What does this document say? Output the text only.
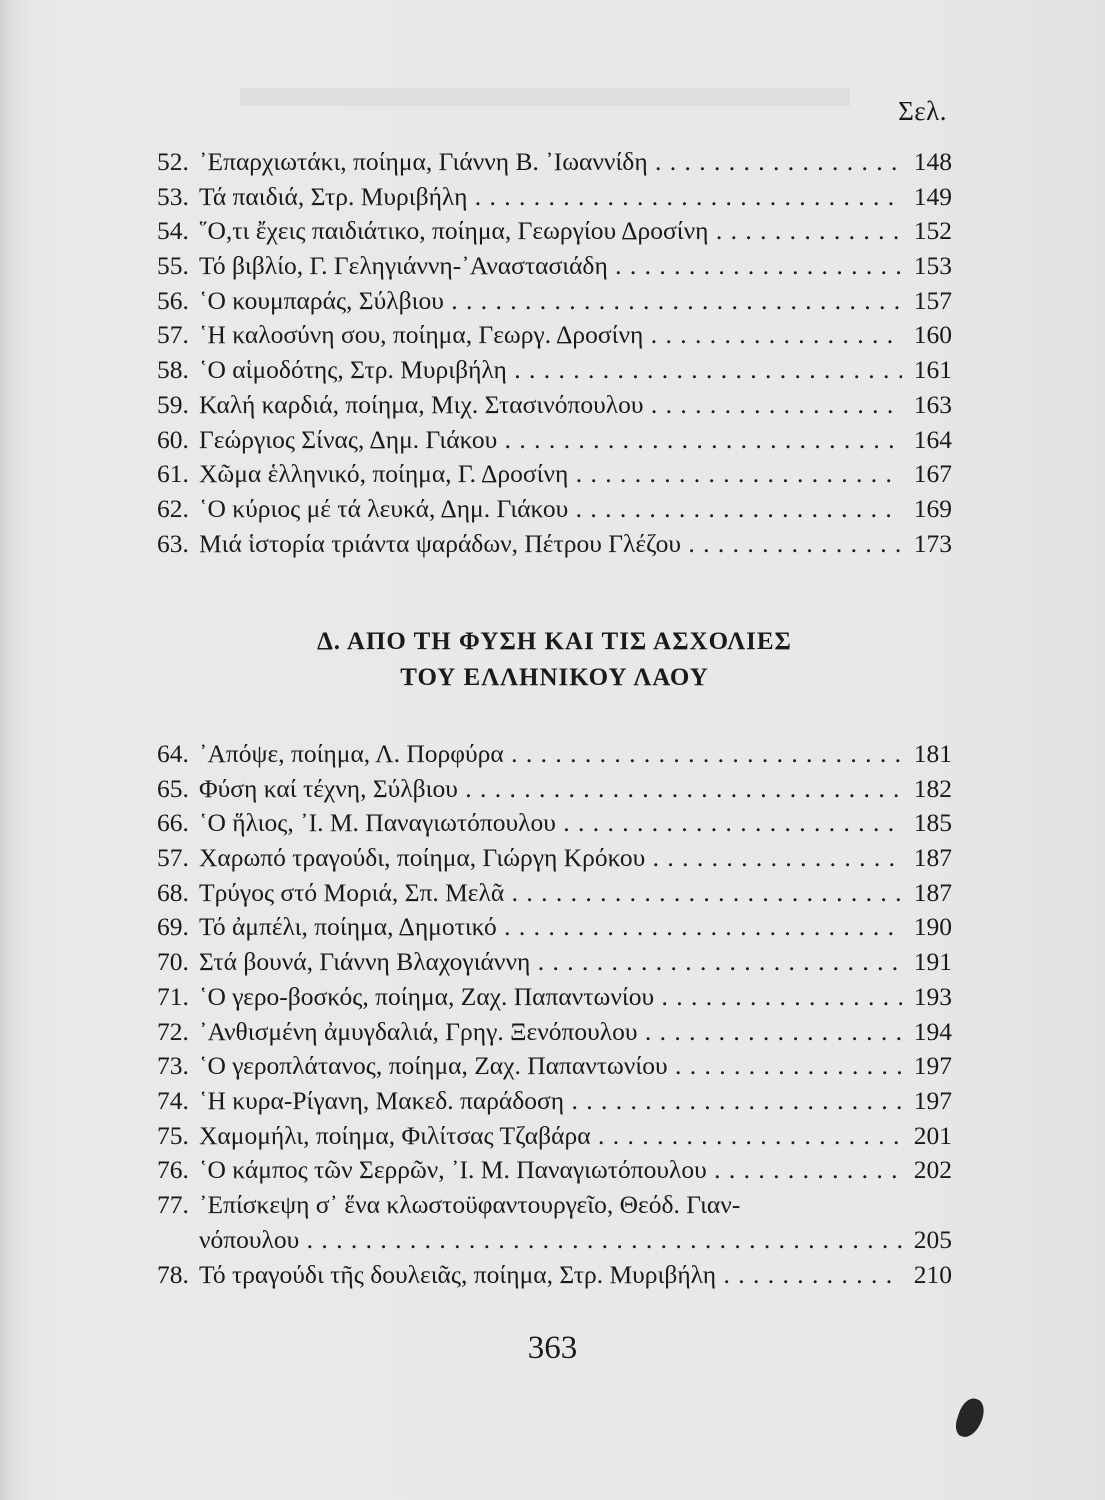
Σελ.
52. ᾿Επαρχιωτάκι, ποίημα, Γιάννη Β. ᾿Ιωαννίδη . . .	148
53. Τά παιδιά, Στρ. Μυριβήλη . . .	149
54. ῞Ο,τι ἔχεις παιδιάτικο, ποίημα, Γεωργίου Δροσίνη . . .	152
55. Τό βιβλίο, Γ. Γεληγιάννη-᾿Αναστασιάδη . . .	153
56. ῾Ο κουμπαράς, Σύλβιου . . .	157
57. ῾Η καλοσύνη σου, ποίημα, Γεωργ. Δροσίνη . . .	160
58. ῾Ο αἱμοδότης, Στρ. Μυριβήλη . . .	161
59. Καλή καρδιά, ποίημα, Μιχ. Στασινόπουλου . . .	163
60. Γεώργιος Σίνας, Δημ. Γιάκου . . .	164
61. Χῶμα ἑλληνικό, ποίημα, Γ. Δροσίνη . . .	167
62. ῾Ο κύριος μέ τά λευκά, Δημ. Γιάκου . . .	169
63. Μιά ἱστορία τριάντα ψαράδων, Πέτρου Γλέζου . . .	173
Δ. ΑΠΟ ΤΗ ΦΥΣΗ ΚΑΙ ΤΙΣ ΑΣΧΟΛΙΕΣ
ΤΟΥ ΕΛΛΗΝΙΚΟΥ ΛΑΟΥ
64. ᾿Απόψε, ποίημα, Λ. Πορφύρα . . .	181
65. Φύση καί τέχνη, Σύλβιου . . .	182
66. ῾Ο ἥλιος, ᾿Ι. Μ. Παναγιωτόπουλου . . .	185
57. Χαρωπό τραγούδι, ποίημα, Γιώργη Κρόκου . . .	187
68. Τρύγος στό Μοριά, Σπ. Μελᾶ . . .	187
69. Τό ἀμπέλι, ποίημα, Δημοτικό . . .	190
70. Στά βουνά, Γιάννη Βλαχογιάννη . . .	191
71. ῾Ο γερο-βοσκός, ποίημα, Ζαχ. Παπαντωνίου . . .	193
72. ᾿Ανθισμένη ἀμυγδαλιά, Γρηγ. Ξενόπουλου . . .	194
73. ῾Ο γεροπλάτανος, ποίημα, Ζαχ. Παπαντωνίου . . .	197
74. ῾Η κυρα-Ρίγανη, Μακεδ. παράδοση . . .	197
75. Χαμομήλι, ποίημα, Φιλίτσας Τζαβάρα . . .	201
76. ῾Ο κάμπος τῶν Σερρῶν, ᾿Ι. Μ. Παναγιωτόπουλου . . .	202
77. ᾿Επίσκεψη σ᾿ ἕνα κλωστοϋφαντουργεῖο, Θεόδ. Γιαν-
νόπουλου . . .	205
78. Τό τραγούδι τῆς δουλειᾶς, ποίημα, Στρ. Μυριβήλη . . .	210
363
